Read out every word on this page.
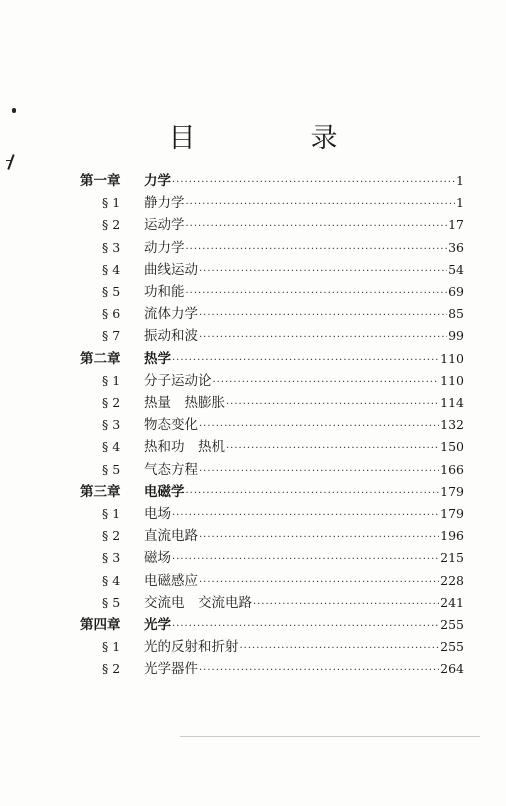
目　录
第一章 力学 ·····	1
§ 1 静力学 ·····	1
§ 2 运动学 ·····	17
§ 3 动力学 ·····	36
§ 4 曲线运动 ·····	54
§ 5 功和能 ·····	69
§ 6 流体力学 ·····	85
§ 7 振动和波 ·····	99
第二章 热学 ·····	110
§ 1 分子运动论 ·····	110
§ 2 热量　热膨胀 ·····	114
§ 3 物态变化 ·····	132
§ 4 热和功　热机 ·····	150
§ 5 气态方程 ·····	166
第三章 电磁学 ·····	179
§ 1 电场 ·····	179
§ 2 直流电路 ·····	196
§ 3 磁场 ·····	215
§ 4 电磁感应 ·····	228
§ 5 交流电　交流电路 ·····	241
第四章 光学 ·····	255
§ 1 光的反射和折射 ·····	255
§ 2 光学器件 ·····	264
